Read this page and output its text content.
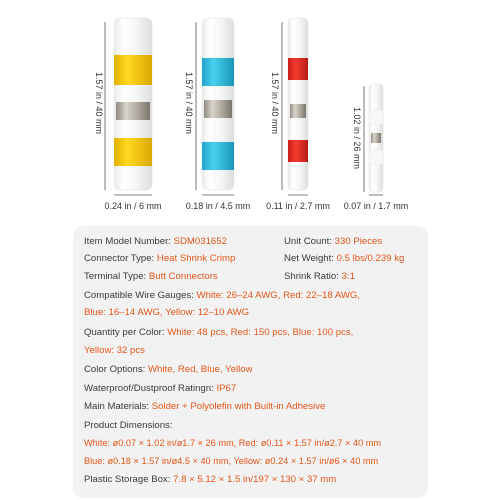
1.57 in / 40 mm	1.57 in / 40 mm	1.57 in / 40 mm
1.02 in / 26 mm
0.24 in / 6 mm	0.18 in / 4.5 mm	0.11 in / 2.7 mm	0.07 in / 1.7 mm
Item Model Number: SDM031652	Unit Count: 330 Pieces
Connector Type: Heat Shrink Crimp	Net Weight: 0.5 lbs/0.239 kg
Terminal Type: Butt Connectors	Shrink Ratio: 3:1
Compatible Wire Gauges: White: 26–24 AWG, Red: 22–18 AWG,
Blue: 16–14 AWG, Yellow: 12–10 AWG
Quantity per Color: White: 48 pcs, Red: 150 pcs, Blue: 100 pcs,
Yellow: 32 pcs
Color Options: White, Red, Blue, Yellow
Waterproof/Dustproof Ratingn: IP67
Main Materials: Solder + Polyolefin with Built-in Adhesive
Product Dimensions:
White: ø0.07 × 1.02 in/ø1.7 × 26 mm, Red: ø0.11 × 1.57 in/ø2.7 × 40 mm
Blue: ø0.18 × 1.57 in/ø4.5 × 40 mm, Yellow: ø0.24 × 1.57 in/ø6 × 40 mm
Plastic Storage Box: 7.8 × 5.12 × 1.5 in/197 × 130 × 37 mm
